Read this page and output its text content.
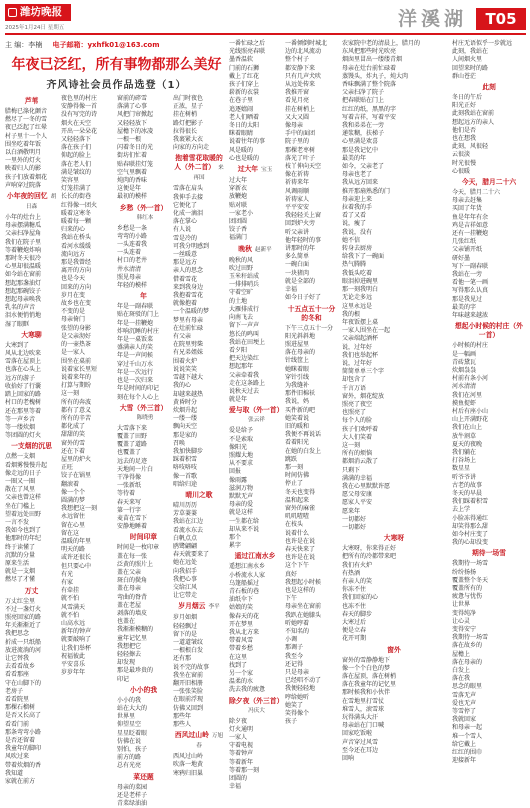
潍坊晚报
2025年1月24日 星期五	洋溪湖	T05
主 编：李楠 电子邮箱：yxhfk01@163.com
年夜已泛红，所有事物都那么美好
齐风诗社会员作品选登（1）
芦苇
腊梅已涤化颤音
燃尽了一冬的雪
夜已泛起了红晕
村子里十一个人
围坐吃着年饭
以白酒敬明月
一里外的灯火
映着归人的影
孩子们放着烟花
声响穿过院落
小年夜的回忆 胡日森
小年的灶台上
母亲摆满糖瓜
父亲扫净屋角
我们在院子里
等着鞭炮炸响
那时冬天很冷
心里却很温暖
如今站在窗前
想起那盏油灯
想起那碗饺子
想起母亲唤我
乳名的声音
泪水便悄悄地
湿了眼眶
大寒聊
大寒到了
风从北边吹来
雪落在屋顶上
也落在心头上
远方的游子
收拾好了行囊
踏上回家的路
村口的老槐树
还在那里等着
等一声乡音
等一缕炊烟
等团圆的灯火
一支烟的沉思
点燃一支烟
看烟雾慢慢升起
像走远的日子
一圈又一圈
散在了风里
父亲也曾这样
坐在门槛上
望着远处田野
一言不发
我如今也到了
他那时的年纪
终于读懂了
沉默的分量
原来生活
就是一支烟
燃尽了才懂
万丈
万丈红尘里
不过一盏灯火
照亮回家的路
年关渐渐近了
我把思念
折成一只纸船
放进流淌的河
让它替我
去看看故乡
看看那座
守在山脚下的
老房子
看看院里
那棵石榴树
是否又长高了
看看门前
那条弯弯小路
是否还留着
我童年的脚印
风吹过来
带着炊烟的香
我知道
家就在前方
夜色里的村庄
安静得像一首
没有写完的诗
烟火在天空
开出一朵朵花
又轻轻落下
落在孩子们
仰起的脸上
落在老人们
满是皱纹的
笑容里
灯笼挂满了
长长的街巷
红得像一团火
暖着这寒冬
暖着每一颗
归来的心
我站在桥头
看河水缓缓
流向远方
那是我曾经
离开的方向
也是今天
回来的方向
岁月在变
故乡也在变
不变的是
母亲倚门
张望的身影
是父亲沏好
的一壶热茶
是一家人
围坐在桌前
说着家长里短
说着来年的
打算与期盼
这一刻
所有的奔波
都有了意义
所有的辛苦
都化成了
甜甜的笑
窗外的雪
还在下着
屋里的炉火
正旺
饺子在锅里
翻滚着
像一个个
圆满的梦
我想把这一刻
永远留住
留在心里
留在这
温暖的年里
明天的路
或许还很长
但只要心中
有光
有家
有牵挂
就不怕
风雪满天
就不怕
山高水远
新年的钟声
就要敲响了
让我们举杯
祝福彼此
平安喜乐
岁岁年年
窗前的碎雪
落满了心事
风把门帘掀起
又轻轻放下
屋檐下的冰凌
一根一根
闪着冬日的光
街坊们忙着
贴春联挂灯笼
空气里飘着
炖肉的香味
这便是年
最初的模样
乡愁（外一首）韩红本
乡愁是一条
弯弯的小路
一头连着我
一头连着
村口的老井
井水清清
照见母亲
年轻的模样
年
年是一副春联
贴在斑驳的门上
年是一挂鞭炮
炸响沉睡的村庄
年是一桌饭菜
盛满亲人的笑
年是一声问候
穿过千山万水
年是一次远行
也是一次归来
年是时间的印记
刻在每个人心上
大雪（外三首）陈晓勇
大雪落下来
覆盖了田野
覆盖了道路
也覆盖了
远去的足迹
天地间一片白
干净得像
一张新纸
等待着
春天来写
第一行字
麦苗在雪下
安静地睡着
时间印章
时间是一枚印章
盖在每一张
泛黄的照片上
盖在父亲
斑白的鬓角
盖在母亲
弯曲的脊背
盖在老屋
剥落的墙皮
也盖在
我渐渐模糊的
童年记忆里
我想把它
轻轻擦去
却发现
那是最珍贵的
印记
小小的我
小小的我
站在大大的
世界里
仰望星空
星星眨着眼
仿佛在说
别怕，孩子
前方的路
总有光亮
菜还题
母亲的菜园
还是老样子
青菜绿油油
出门时夜色
正浓，星子
挂在树梢
路灯把影子
拉得很长
我裹紧大衣
向家的方向走
抱着雪花取暖的人（外二首） 来再国
雪落在肩头
我伸手去接
它便化了
化成一滴泪
落在掌心
有人说
雪是冷的
可我分明感到
一丝暖意
那是远方
亲人的思念
借着雪花
来到我身边
我抱着雪花
就像抱着
一个温暖的梦
梦里有母亲
在灶前忙碌
有父亲
在院里劈柴
有兄弟姐妹
围着火炉
说说笑笑
雪越下越大
我的心
却越来越热
黄昏时分
炊烟升起
一缕一缕
飘向天空
那是家的
召唤
我加快脚步
踩着积雪
咯吱咯吱
像一首歌
唱给归途
晴川之歌
晴川历历
芳草萋萋
我站在江边
看流水东去
白帆点点
鸥鹭翩翩
春天就要来了
她在远处
向我招手
我把心事
交给江风
让它带走
岁月烟云 李平
岁月如烟
轻轻飘过
留下的是
一道道皱纹
一根根白发
还有那
说不完的故事
我坐在窗前
翻开旧相册
一张张笑脸
在眼前浮现
仿佛又回到
那些年
那些人
西风过山岭 万旭春
西风过山岭
吹落一地黄
寒鸦归旧巢
一番忙碌之后
光线照亮春联
墨香温软
门前的石狮
戴上了红花
孩子们穿上
崭新的衣裳
在巷子里
追逐嬉闹
老人们晒着
冬日的太阳
眯着眼睛
说着往年的事
风是暖的
心也是暖的
过大年 宝玉
过大年
穿新衣
放鞭炮
贴对联
一家老小
团团圆
饺子香
福满门
晚秋 赵新平
晚秋的风
吹过田野
玉米秆站成
一排排哨兵
守着空旷
的土地
大雁排成行
向南飞去
留下一声声
悠长的鸣叫
我站在田埂上
看夕阳
把天边染红
想起那年
父亲牵着我
走在这条路上
说秋天过去
就是年
爱与取（外一首）张云祥
爱是给予
不是索取
像阳光
照耀大地
从不要求
回报
像雨露
滋润万物
默默无声
母亲的爱
就是这样
一生都在给
却从来不说
那个
累字
遥过江南水乡
遥想江南水乡
小桥流水人家
乌篷船摇过
青石板的巷
油纸伞下
姑娘的笑
像春天的花
开在梦里
我从北方来
带着风雪
带着乡愁
在这里
找到了
另一个家
温柔的水
洗去我的疲惫
除夕夜（外三首）冯庆大
除夕夜
灯火通明
一家人
守着电视
等着钟声
等着新年
等着那一刻
团圆的
幸福
一番倾倒时城北
边的北风流动
整个村子
都安静下来
只有几声犬吠
从远处传来
我推开窗
看见月亮
挂在树梢上
又大又圆
像母亲
手中的面团
院子里的
那棵老枣树
落光了叶子
枝丫伸向天空
像在祈祷
祈祷来年
风调雨顺
祈祷家人
平平安安
我轻轻关上窗
回到炉火旁
听父亲讲
他年轻时的事
讲那时的年
多么简单
一碗白面
一块猪肉
就是全部的
幸福
如今日子好了
十五点五十一分的冬和
下午三点五十一分
阳光斜斜地
照进屋里
落在母亲的
针线筐上
她眯着眼
穿针引线
为我缝补
那件旧棉袄
我说，妈
买件新的吧
她笑着说
旧的暖和
我便不再说话
看着阳光
在她的白发上
跳跃
那一刻
时间仿佛
停止了
冬天也变得
温和起来
窗外的麻雀
叽叽喳喳
在枝头
说着什么
也许是在说
春天快来了
也许是在说
这个下午
真好
我想起小时候
也是这样的
下午
母亲坐在窗前
我趴在她膝头
听她哼着
不知名的
小调
那调子
我至今
还记得
只是母亲
已经唱不动了
我便轻轻地
哼给她听
她笑了
笑得像个
孩子
农家院中老的清晨上，腊月的
东风把那些时光吹亮
烟囱里冒出一缕缕青烟
母亲在灶台前忙碌着
蒸馒头，炸丸子，炖大肉
香味飘满了整个院落
父亲扫净了院子
把春联贴在门上
红红的纸，黑黑的字
写着吉祥，写着平安
我和弟弟在一旁
递浆糊，扶梯子
心里满是欢喜
那是我记忆中
最美的年
如今，父亲老了
母亲也老了
我从远方回来
推开那扇熟悉的门
母亲迎上来
拉着我的手
看了又看
说，瘦了
我说，没有
她不信
转身去厨房
给我下了一碗面
热气腾腾
我低头吃着
眼泪掉进碗里
那一刻我明白
无论走多远
这里永远是
我的根
年夜饭摆上桌
一家人围坐在一起
父亲端起酒杯
说，过年好
我们也举起杯
说，过年好
简简单单三个字
却包含了
千言万语
窗外，烟花绽放
照亮了夜空
也照亮了
每个人的脸
孩子们欢呼着
大人们笑着
这一刻
所有的烦恼
都烟消云散了
只剩下
满满的幸福
我在心里默默许愿
愿父母安康
愿家人平安
愿来年
一切都好
一切都好
大寒呀
大寒呀，你来得正好
把所有的冷都带来吧
我们有火炉
有热酒
有亲人的笑
你冻不住
我们回家的心
也冻不住
春天的脚步
大寒过后
便是立春
花开可期
窗外
窗外的雪静静地下
像一个个白色的梦
落在屋顶，落在树梢
落在我童年的记忆里
那时候我和小伙伴
在雪地里打雪仗
堆雪人，滚雪球
玩得满头大汗
母亲站在门口喊
回家吃饭啦
声音穿过风雪
至今还在耳边
回响
村庄无语似乎一步就远
此刻，我站在
人间烟火里
回望来时的路
群山苍茫
此刻
冬日的午后
阳光正好
此刻我站在窗前
想起远方的亲人
他们是否
也在想我
此刻，风很轻
云很淡
时光很慢
心很暖
今天，腊月二十六
今天，腊月二十六
母亲去赶集
买回了年货
鱼是年年有余
鸡是吉祥如意
还有一挂鞭炮
几张红纸
父亲铺开纸
研好墨
写下一副春联
我站在一旁
看他一笔一画
写得那么认真
那是我见过
最美的字
年味越来越浓
想起小时候的村庄（外一首）
小时候的村庄
是一幅画
青砖黛瓦
炊烟袅袅
村前有条小河
河水清清
我们在河里
摸鱼捉虾
村后有座小山
山上开满野花
我们在山上
放牛割草
夏天的夜晚
我们躺在
打谷场上
数星星
听爷爷讲
古老的故事
冬天的早晨
我们踩着积雪
去上学
小脸冻得通红
却笑得那么甜
如今村庄变了
我的心却没变
期待一场雪
我期待一场雪
纷纷扬扬
覆盖整个冬天
覆盖所有的
疲惫与忧伤
让世界
变得纯净
让心灵
变得安宁
我期待一场雪
落在故乡的
屋檐上
落在母亲的
白发上
落在我
思念的眼里
雪落无声
爱也无声
等雪停了
我就回家
和母亲一起
堆一个雪人
给它戴上
红红的围巾
迎接新年
